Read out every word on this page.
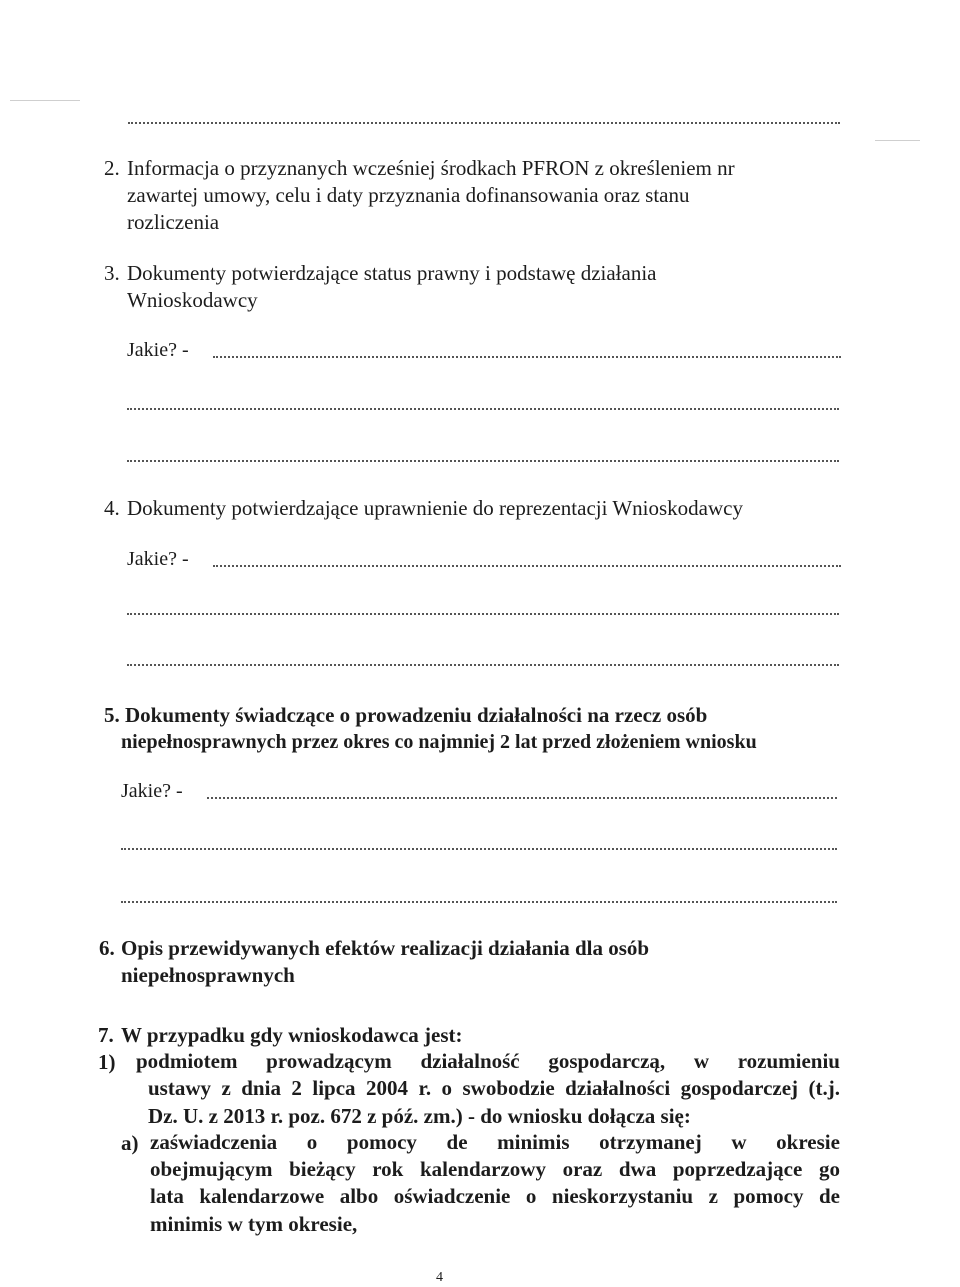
2. Informacja o przyznanych wcześniej środkach PFRON z określeniem nr
zawartej umowy, celu i daty przyznania dofinansowania oraz stanu
rozliczenia
3. Dokumenty potwierdzające status prawny i podstawę działania
Wnioskodawcy
Jakie? -
4. Dokumenty potwierdzające uprawnienie do reprezentacji Wnioskodawcy
Jakie? -
5. Dokumenty świadczące o prowadzeniu działalności na rzecz osób
niepełnosprawnych przez okres co najmniej 2 lat przed złożeniem wniosku
Jakie? -
6. Opis przewidywanych efektów realizacji działania dla osób
niepełnosprawnych
7. W przypadku gdy wnioskodawca jest:
1) podmiotem prowadzącym działalność gospodarczą, w rozumieniu
ustawy z dnia 2 lipca 2004 r. o swobodzie działalności gospodarczej (t.j.
Dz. U. z 2013 r. poz. 672 z póź. zm.) - do wniosku dołącza się:
a) zaświadczenia o pomocy de minimis otrzymanej w okresie
obejmującym bieżący rok kalendarzowy oraz dwa poprzedzające go
lata kalendarzowe albo oświadczenie o nieskorzystaniu z pomocy de
minimis w tym okresie,
4
